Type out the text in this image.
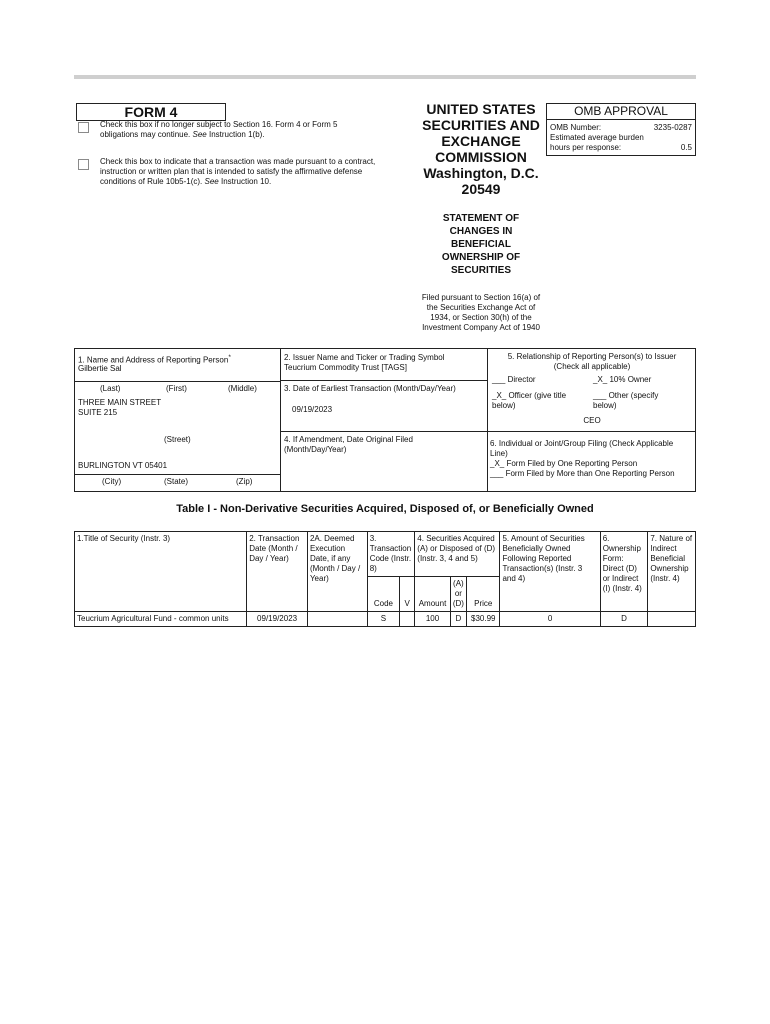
FORM 4
Check this box if no longer subject to Section 16. Form 4 or Form 5 obligations may continue. See Instruction 1(b).
Check this box to indicate that a transaction was made pursuant to a contract, instruction or written plan that is intended to satisfy the affirmative defense conditions of Rule 10b5-1(c). See Instruction 10.
UNITED STATES
SECURITIES AND
EXCHANGE
COMMISSION
Washington, D.C.
20549
OMB APPROVAL
OMB Number:	3235-0287
Estimated average burden
hours per response:	0.5
STATEMENT OF
CHANGES IN
BENEFICIAL
OWNERSHIP OF
SECURITIES
Filed pursuant to Section 16(a) of
the Securities Exchange Act of
1934, or Section 30(h) of the
Investment Company Act of 1940
1. Name and Address of Reporting Person*
Gilbertie Sal
(Last)	(First)	(Middle)
THREE MAIN STREET
SUITE 215
(Street)
BURLINGTON VT 05401
(City)	(State)	(Zip)
2. Issuer Name and Ticker or Trading Symbol
Teucrium Commodity Trust [TAGS]
3. Date of Earliest Transaction (Month/Day/Year)
09/19/2023
4. If Amendment, Date Original Filed
(Month/Day/Year)
5. Relationship of Reporting Person(s) to Issuer
(Check all applicable)
___ Director	_X_ 10% Owner
_X_ Officer (give title
below)
___ Other (specify
below)
CEO
6. Individual or Joint/Group Filing (Check Applicable
Line)
_X_ Form Filed by One Reporting Person
___ Form Filed by More than One Reporting Person
Table I - Non-Derivative Securities Acquired, Disposed of, or Beneficially Owned
1.Title of Security (Instr. 3)	2. Transaction Date (Month / Day / Year)	2A. Deemed Execution Date, if any (Month / Day / Year)	3. Transaction Code (Instr. 8)		4. Securities Acquired (A) or Disposed of (D) (Instr. 3, 4 and 5)			5. Amount of Securities Beneficially Owned Following Reported Transaction(s) (Instr. 3 and 4)	6. Ownership Form: Direct (D) or Indirect (I) (Instr. 4)	7. Nature of Indirect Beneficial Ownership (Instr. 4)
			Code	V	Amount	(A) or (D)	Price			

Teucrium Agricultural Fund - common units	09/19/2023		S		100	D	$30.99	0	D	
